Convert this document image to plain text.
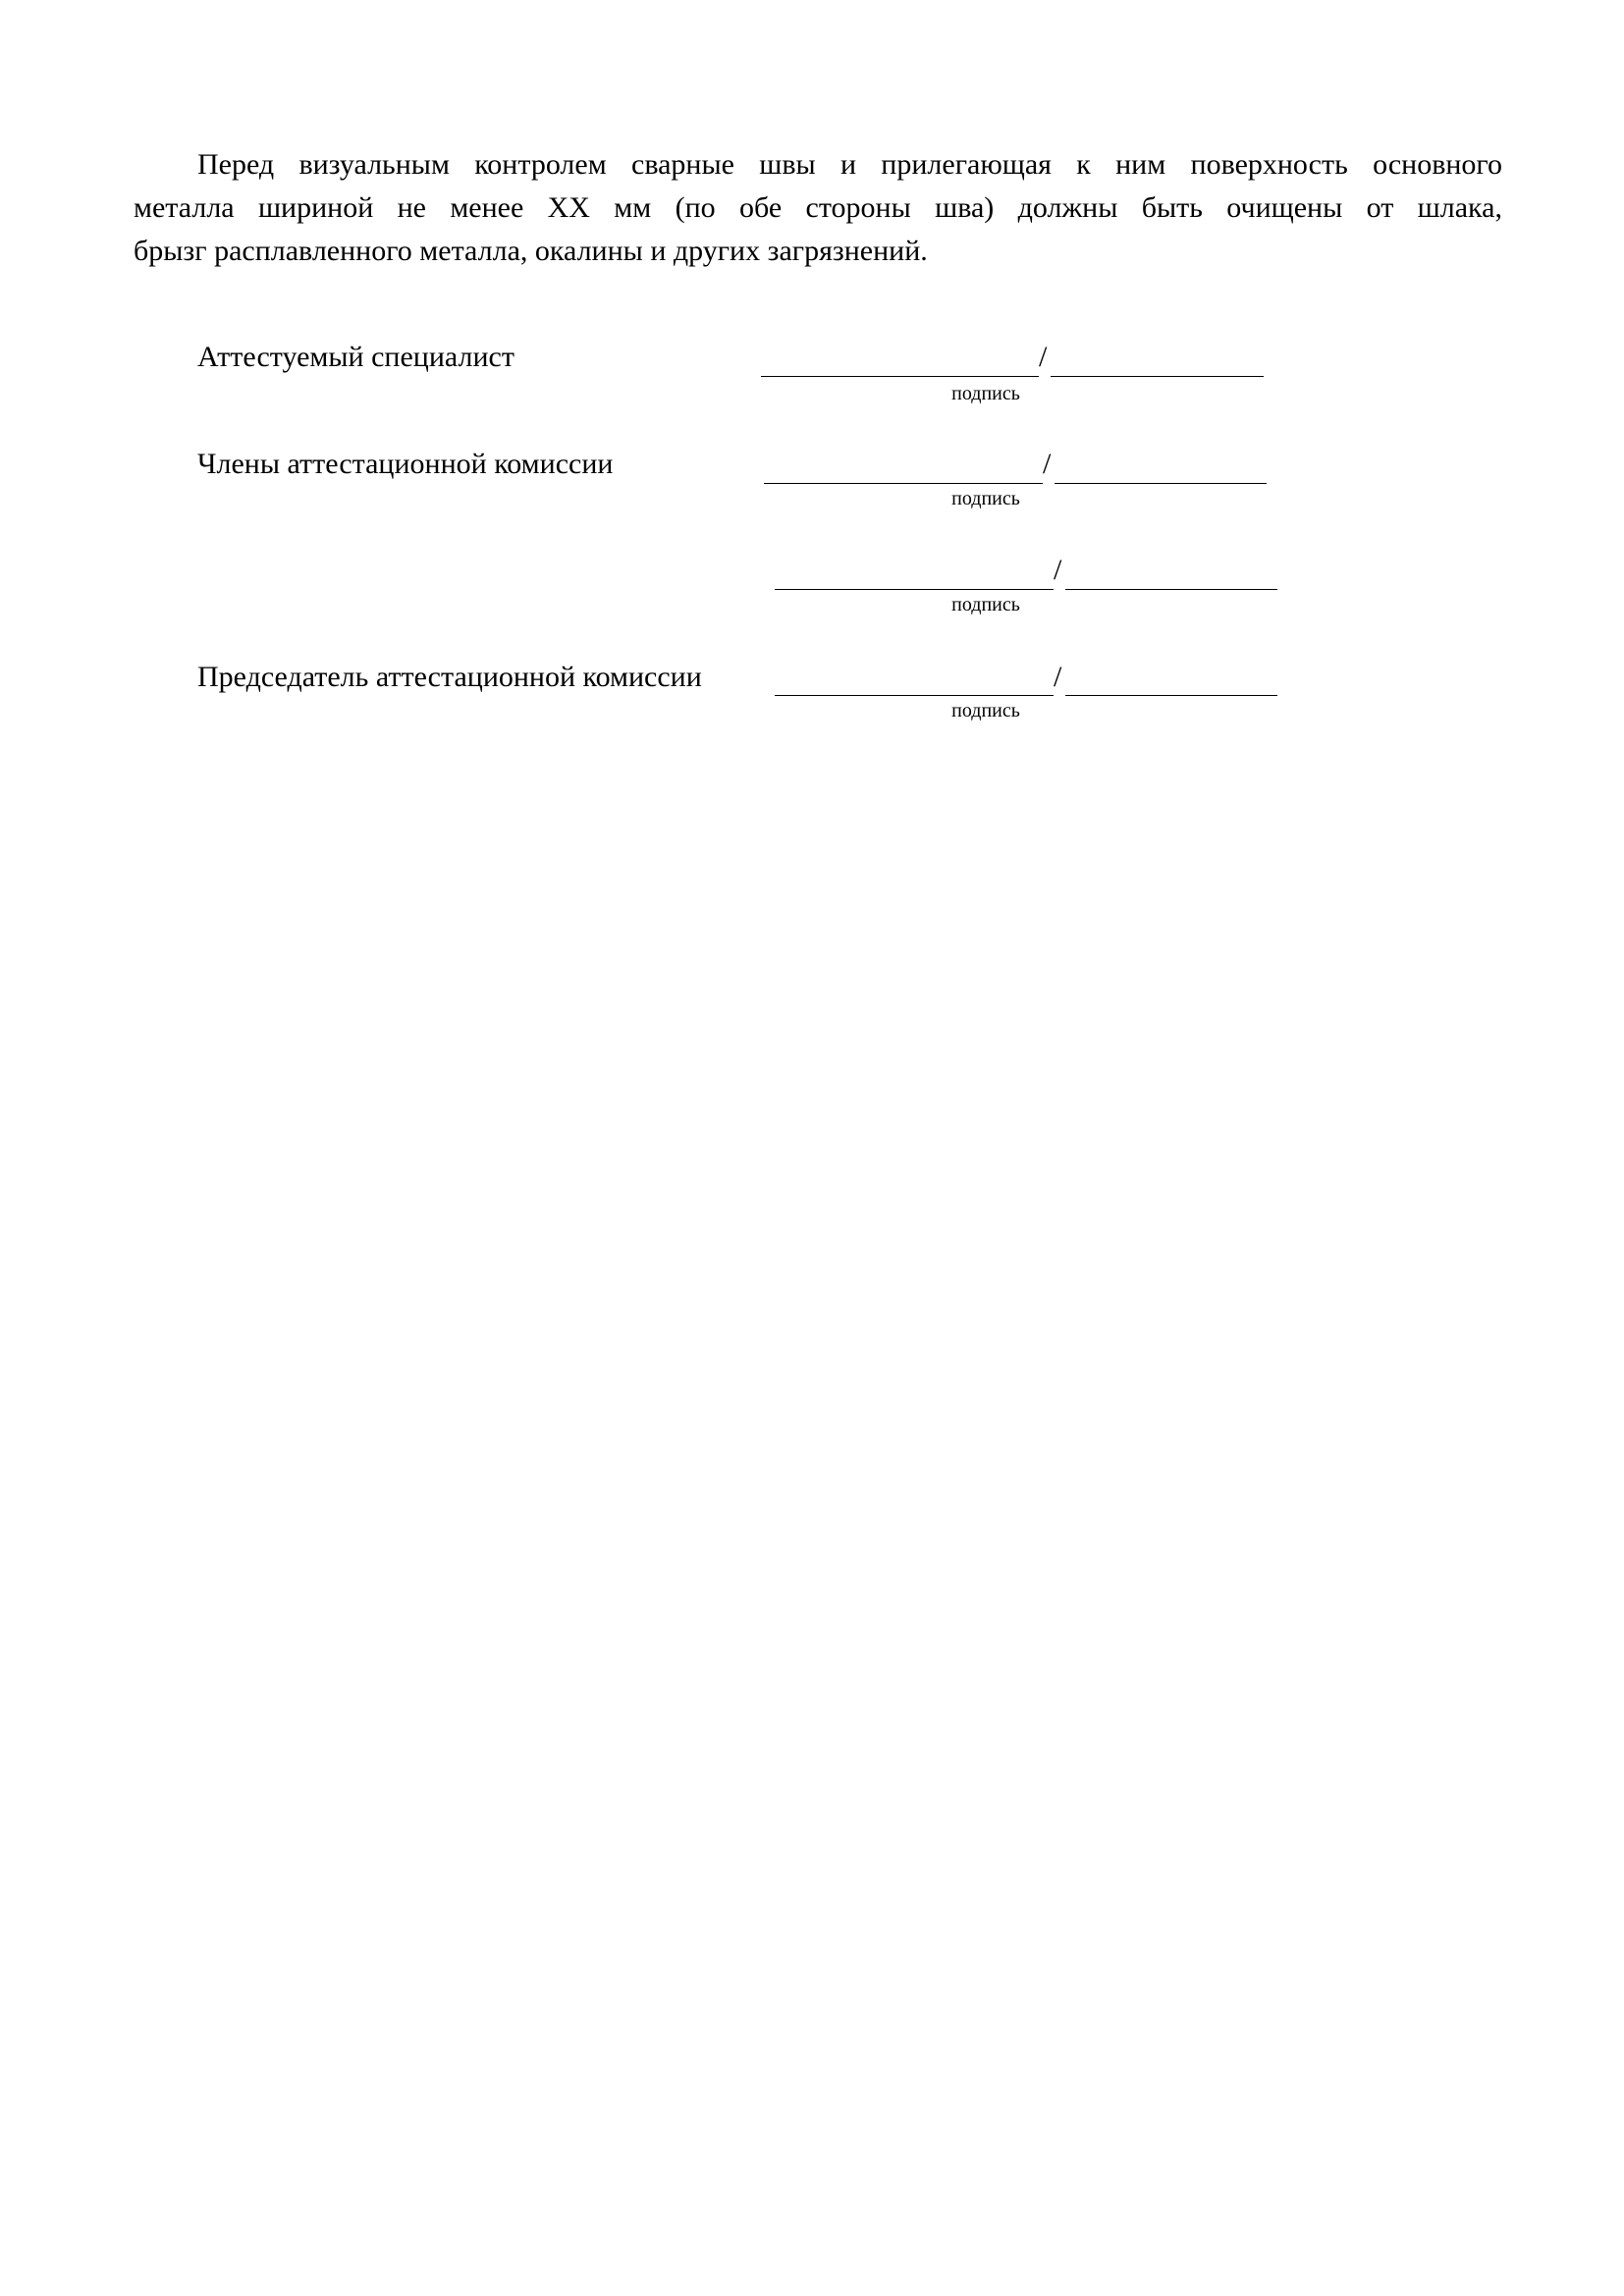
Перед визуальным контролем сварные швы и прилегающая к ним поверхность основного
металла шириной не менее XX мм (по обе стороны шва) должны быть очищены от шлака,
брызг расплавленного металла, окалины и других загрязнений.

Аттестуемый специалист	/
подпись
Члены аттестационной комиссии	/
подпись
/
подпись
Председатель аттестационной комиссии	/
подпись
